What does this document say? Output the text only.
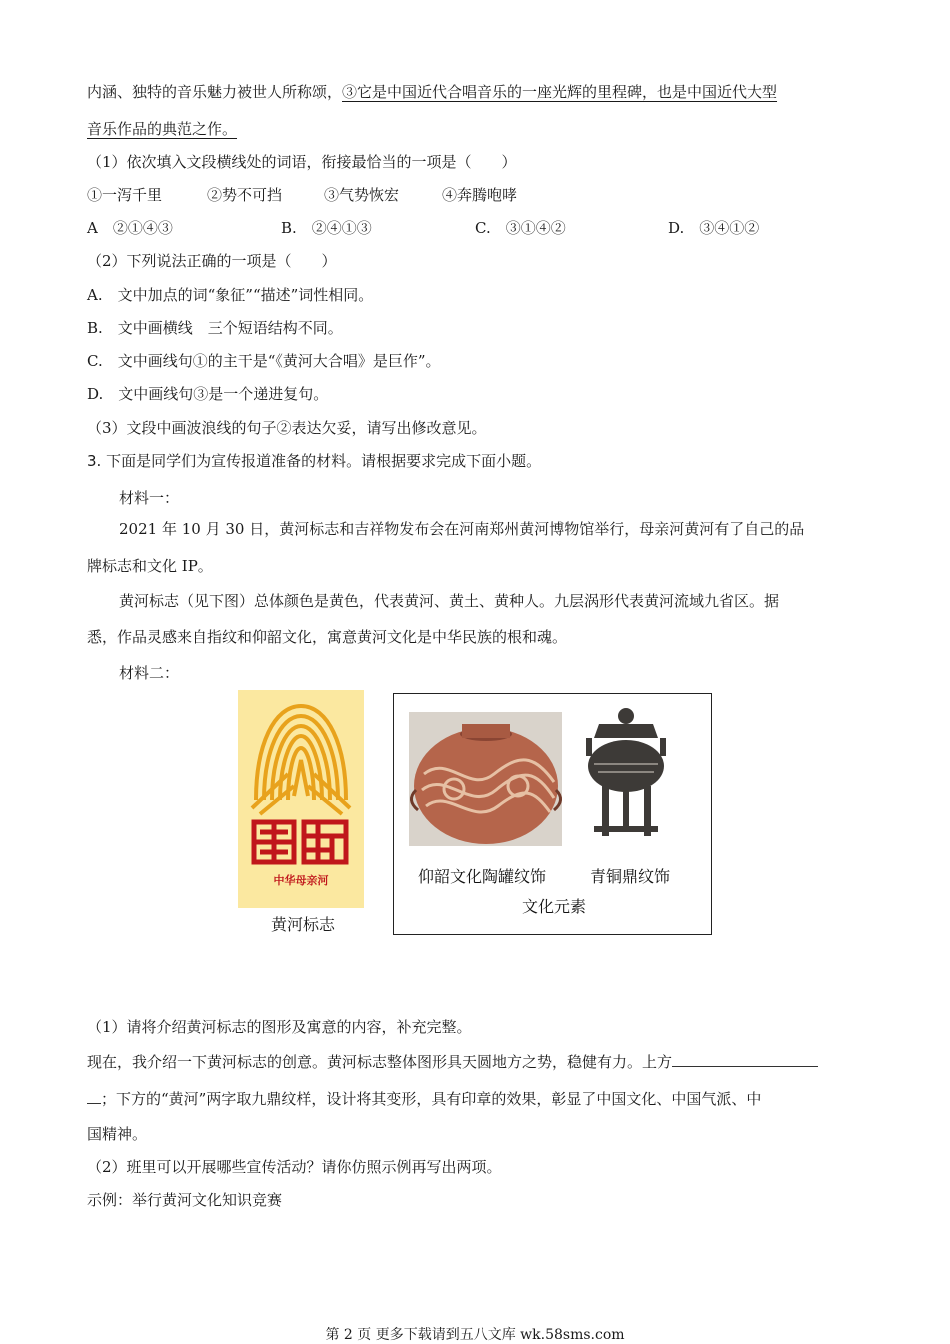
内涵、独特的音乐魅力被世人所称颂，③它是中国近代合唱音乐的一座光辉的里程碑，也是中国近代大型
音乐作品的典范之作。
（1）依次填入文段横线处的词语，衔接最恰当的一项是（　　）
①一泻千里	②势不可挡	③气势恢宏	④奔腾咆哮
A　②①④③	B.　②④①③	C.　③①④②	D.　③④①②
（2）下列说法正确的一项是（　　）
A.　文中加点的词“象征”“描述”词性相同。
B.　文中画横线　三个短语结构不同。
C.　文中画线句①的主干是“《黄河大合唱》是巨作”。
D.　文中画线句③是一个递进复句。
（3）文段中画波浪线的句子②表达欠妥，请写出修改意见。
3. 下面是同学们为宣传报道准备的材料。请根据要求完成下面小题。
材料一：
2021 年 10 月 30 日，黄河标志和吉祥物发布会在河南郑州黄河博物馆举行，母亲河黄河有了自己的品
牌标志和文化 IP。
黄河标志（见下图）总体颜色是黄色，代表黄河、黄土、黄种人。九层涡形代表黄河流域九省区。据
悉，作品灵感来自指纹和仰韶文化，寓意黄河文化是中华民族的根和魂。
材料二：
中华母亲河
黄河标志
仰韶文化陶罐纹饰	青铜鼎纹饰
文化元素
（1）请将介绍黄河标志的图形及寓意的内容，补充完整。
现在，我介绍一下黄河标志的创意。黄河标志整体图形具天圆地方之势，稳健有力。上方
；下方的“黄河”两字取九鼎纹样，设计将其变形，具有印章的效果，彰显了中国文化、中国气派、中
国精神。
（2）班里可以开展哪些宣传活动？请你仿照示例再写出两项。
示例：举行黄河文化知识竞赛
第 2 页 更多下载请到五八文库 wk.58sms.com
